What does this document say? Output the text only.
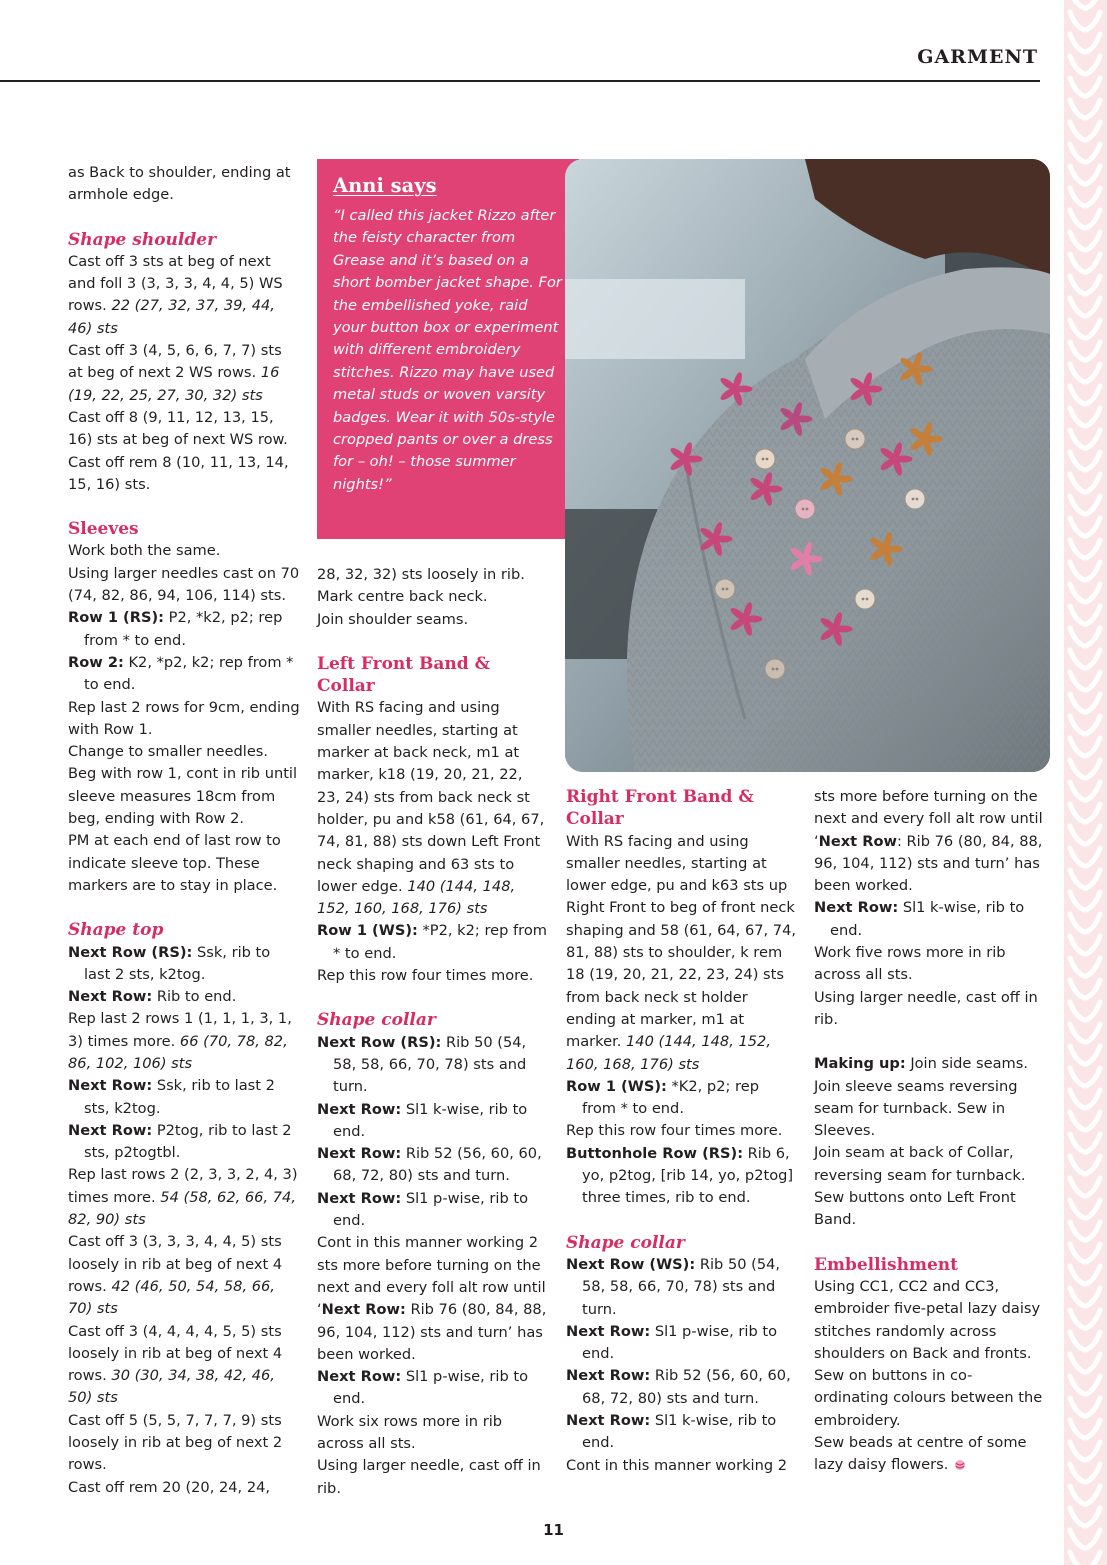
GARMENT

as Back to shoulder, ending at armhole edge.

Shape shoulder

Cast off 3 sts at beg of next and foll 3 (3, 3, 3, 4, 4, 5) WS rows. 22 (27, 32, 37, 39, 44, 46) sts

Cast off 3 (4, 5, 6, 6, 7, 7) sts at beg of next 2 WS rows. 16 (19, 22, 25, 27, 30, 32) sts

Cast off 8 (9, 11, 12, 13, 15, 16) sts at beg of next WS row.

Cast off rem 8 (10, 11, 13, 14, 15, 16) sts.

Sleeves

Work both the same.

Using larger needles cast on 70 (74, 82, 86, 94, 106, 114) sts.

Row 1 (RS): P2, *k2, p2; rep from * to end.

Row 2: K2, *p2, k2; rep from * to end.

Rep last 2 rows for 9cm, ending with Row 1.

Change to smaller needles.

Beg with row 1, cont in rib until sleeve measures 18cm from beg, ending with Row 2.

PM at each end of last row to indicate sleeve top. These markers are to stay in place.

Shape top

Next Row (RS): Ssk, rib to last 2 sts, k2tog.

Next Row: Rib to end.

Rep last 2 rows 1 (1, 1, 1, 3, 1, 3) times more. 66 (70, 78, 82, 86, 102, 106) sts

Next Row: Ssk, rib to last 2 sts, k2tog.

Next Row: P2tog, rib to last 2 sts, p2togtbl.

Rep last rows 2 (2, 3, 3, 2, 4, 3) times more. 54 (58, 62, 66, 74, 82, 90) sts

Cast off 3 (3, 3, 3, 4, 4, 5) sts loosely in rib at beg of next 4 rows. 42 (46, 50, 54, 58, 66, 70) sts

Cast off 3 (4, 4, 4, 4, 5, 5) sts loosely in rib at beg of next 4 rows. 30 (30, 34, 38, 42, 46, 50) sts

Cast off 5 (5, 5, 7, 7, 7, 9) sts loosely in rib at beg of next 2 rows.

Cast off rem 20 (20, 24, 24,

Anni says

“I called this jacket Rizzo after the feisty character from Grease and it’s based on a short bomber jacket shape. For the embellished yoke, raid your button box or experiment with different embroidery stitches. Rizzo may have used metal studs or woven varsity badges. Wear it with 50s-style cropped pants or over a dress for – oh! – those summer nights!”

28, 32, 32) sts loosely in rib.

Mark centre back neck.

Join shoulder seams.

Left Front Band & Collar

With RS facing and using smaller needles, starting at marker at back neck, m1 at marker, k18 (19, 20, 21, 22, 23, 24) sts from back neck st holder, pu and k58 (61, 64, 67, 74, 81, 88) sts down Left Front neck shaping and 63 sts to lower edge. 140 (144, 148, 152, 160, 168, 176) sts

Row 1 (WS): *P2, k2; rep from * to end.

Rep this row four times more.

Shape collar

Next Row (RS): Rib 50 (54, 58, 58, 66, 70, 78) sts and turn.

Next Row: Sl1 k-wise, rib to end.

Next Row: Rib 52 (56, 60, 60, 68, 72, 80) sts and turn.

Next Row: Sl1 p-wise, rib to end.

Cont in this manner working 2 sts more before turning on the next and every foll alt row until ‘Next Row: Rib 76 (80, 84, 88, 96, 104, 112) sts and turn’ has been worked.

Next Row: Sl1 p-wise, rib to end.

Work six rows more in rib across all sts.

Using larger needle, cast off in rib.

Right Front Band & Collar

With RS facing and using smaller needles, starting at lower edge, pu and k63 sts up Right Front to beg of front neck shaping and 58 (61, 64, 67, 74, 81, 88) sts to shoulder, k rem 18 (19, 20, 21, 22, 23, 24) sts from back neck st holder ending at marker, m1 at marker. 140 (144, 148, 152, 160, 168, 176) sts

Row 1 (WS): *K2, p2; rep from * to end.

Rep this row four times more.

Buttonhole Row (RS): Rib 6, yo, p2tog, [rib 14, yo, p2tog] three times, rib to end.

Shape collar

Next Row (WS): Rib 50 (54, 58, 58, 66, 70, 78) sts and turn.

Next Row: Sl1 p-wise, rib to end.

Next Row: Rib 52 (56, 60, 60, 68, 72, 80) sts and turn.

Next Row: Sl1 k-wise, rib to end.

Cont in this manner working 2

sts more before turning on the next and every foll alt row until ‘Next Row: Rib 76 (80, 84, 88, 96, 104, 112) sts and turn’ has been worked.

Next Row: Sl1 k-wise, rib to end.

Work five rows more in rib across all sts.

Using larger needle, cast off in rib.

Making up: Join side seams. Join sleeve seams reversing seam for turnback. Sew in Sleeves.

Join seam at back of Collar, reversing seam for turnback.

Sew buttons onto Left Front Band.

Embellishment

Using CC1, CC2 and CC3, embroider five-petal lazy daisy stitches randomly across shoulders on Back and fronts.

Sew on buttons in co-ordinating colours between the embroidery.

Sew beads at centre of some lazy daisy flowers.

11
